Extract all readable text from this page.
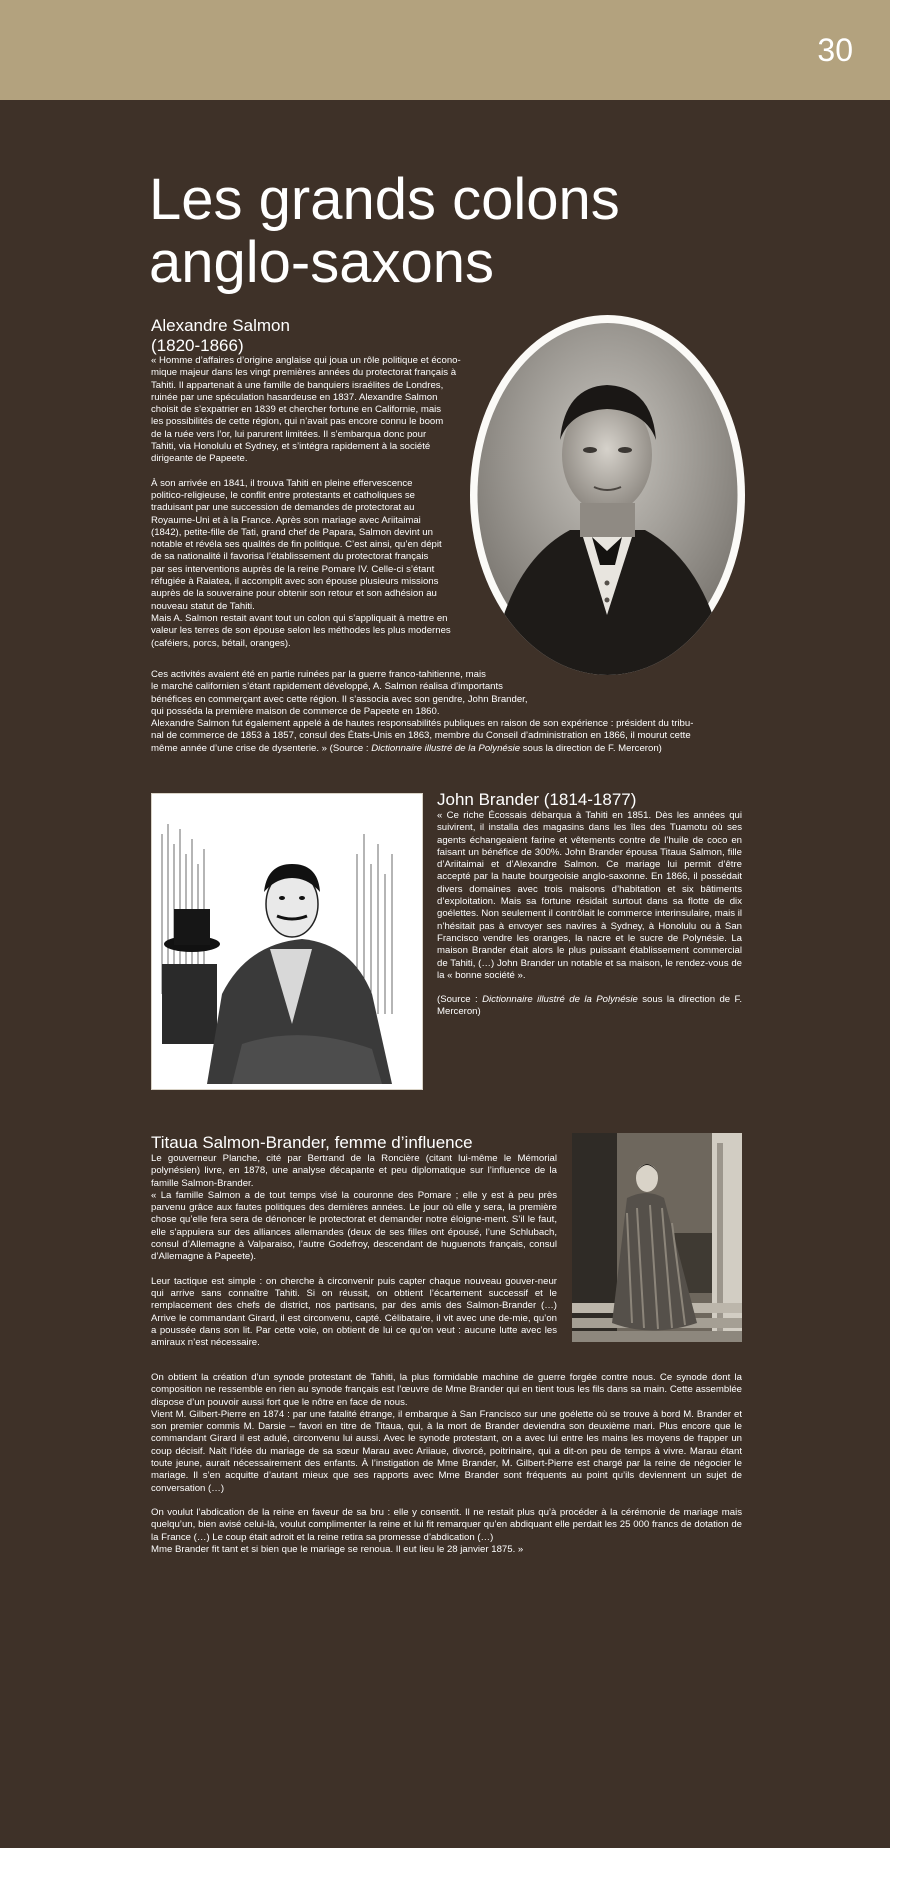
30
Les grands colons
anglo-saxons
Alexandre Salmon
(1820-1866)

« Homme d’affaires d’origine anglaise qui joua un rôle politique et écono-
mique majeur dans les vingt premières années du protectorat français à
Tahiti. Il appartenait à une famille de banquiers israélites de Londres,
ruinée par une spéculation hasardeuse en 1837. Alexandre Salmon
choisit de s’expatrier en 1839 et chercher fortune en Californie, mais
les possibilités de cette région, qui n’avait pas encore connu le boom
de la ruée vers l’or, lui parurent limitées. Il s’embarqua donc pour
Tahiti, via Honolulu et Sydney, et s’intégra rapidement à la société
dirigeante de Papeete.

À son arrivée en 1841, il trouva Tahiti en pleine effervescence
politico-religieuse, le conflit entre protestants et catholiques se
traduisant par une succession de demandes de protectorat au
Royaume-Uni et à la France. Après son mariage avec Ariitaimai
(1842), petite-fille de Tati, grand chef de Papara, Salmon devint un
notable et révéla ses qualités de fin politique. C’est ainsi, qu’en dépit
de sa nationalité il favorisa l’établissement du protectorat français
par ses interventions auprès de la reine Pomare IV. Celle-ci s’étant
réfugiée à Raiatea, il accomplit avec son épouse plusieurs missions
auprès de la souveraine pour obtenir son retour et son adhésion au
nouveau statut de Tahiti.
Mais A. Salmon restait avant tout un colon qui s’appliquait à mettre en
valeur les terres de son épouse selon les méthodes les plus modernes
(caféiers, porcs, bétail, oranges).

Ces activités avaient été en partie ruinées par la guerre franco-tahitienne, mais
le marché californien s’étant rapidement développé, A. Salmon réalisa d’importants
bénéfices en commerçant avec cette région. Il s’associa avec son gendre, John Brander,
qui posséda la première maison de commerce de Papeete en 1860.
Alexandre Salmon fut également appelé à de hautes responsabilités publiques en raison de son expérience : président du tribu-
nal de commerce de 1853 à 1857, consul des États-Unis en 1863, membre du Conseil d’administration en 1866, il mourut cette
même année d’une crise de dysenterie. » (Source : Dictionnaire illustré de la Polynésie sous la direction de F. Merceron)

John Brander (1814-1877)

« Ce riche Écossais débarqua à Tahiti en 1851. Dès les années qui suivirent, il installa des magasins dans les îles des Tuamotu où ses agents échangeaient farine et vêtements contre de l’huile de coco en faisant un bénéfice de 300%. John Brander épousa Titaua Salmon, fille d’Ariitaimai et d’Alexandre Salmon. Ce mariage lui permit d’être accepté par la haute bourgeoisie anglo-saxonne. En 1866, il possédait divers domaines avec trois maisons d’habitation et six bâtiments d’exploitation. Mais sa fortune résidait surtout dans sa flotte de dix goélettes. Non seulement il contrôlait le commerce interinsulaire, mais il n’hésitait pas à envoyer ses navires à Sydney, à Honolulu ou à San Francisco vendre les oranges, la nacre et le sucre de Polynésie. La maison Brander était alors le plus puissant établissement commercial de Tahiti, (…) John Brander un notable et sa maison, le rendez-vous de la « bonne société ».

(Source : Dictionnaire illustré de la Polynésie sous la direction de F. Merceron)

Titaua Salmon-Brander, femme d’influence

Le gouverneur Planche, cité par Bertrand de la Roncière (citant lui-même le Mémorial polynésien) livre, en 1878, une analyse décapante et peu diplomatique sur l’influence de la famille Salmon-Brander.
« La famille Salmon a de tout temps visé la couronne des Pomare ; elle y est à peu près parvenu grâce aux fautes politiques des dernières années. Le jour où elle y sera, la première chose qu’elle fera sera de dénoncer le protectorat et demander notre éloigne-ment. S’il le faut, elle s’appuiera sur des alliances allemandes (deux de ses filles ont épousé, l’une Schlubach, consul d’Allemagne à Valparaiso, l’autre Godefroy, descendant de huguenots français, consul d’Allemagne à Papeete).

Leur tactique est simple : on cherche à circonvenir puis capter chaque nouveau gouver-neur qui arrive sans connaître Tahiti. Si on réussit, on obtient l’écartement successif et le remplacement des chefs de district, nos partisans, par des amis des Salmon-Brander (…) Arrive le commandant Girard, il est circonvenu, capté. Célibataire, il vit avec une de-mie, qu’on a poussée dans son lit. Par cette voie, on obtient de lui ce qu’on veut : aucune lutte avec les amiraux n’est nécessaire.

On obtient la création d’un synode protestant de Tahiti, la plus formidable machine de guerre forgée contre nous. Ce synode dont la composition ne ressemble en rien au synode français est l’œuvre de Mme Brander qui en tient tous les fils dans sa main. Cette assemblée dispose d’un pouvoir aussi fort que le nôtre en face de nous.
Vient M. Gilbert-Pierre en 1874 : par une fatalité étrange, il embarque à San Francisco sur une goélette où se trouve à bord M. Brander et son premier commis M. Darsie – favori en titre de Titaua, qui, à la mort de Brander deviendra son deuxième mari. Plus encore que le commandant Girard il est adulé, circonvenu lui aussi. Avec le synode protestant, on a avec lui entre les mains les moyens de frapper un coup décisif. Naît l’idée du mariage de sa sœur Marau avec Ariiaue, divorcé, poitrinaire, qui a dit-on peu de temps à vivre. Marau étant toute jeune, aurait nécessairement des enfants. À l’instigation de Mme Brander, M. Gilbert-Pierre est chargé par la reine de négocier le mariage. Il s’en acquitte d’autant mieux que ses rapports avec Mme Brander sont fréquents au point qu’ils deviennent un sujet de conversation (…)

On voulut l’abdication de la reine en faveur de sa bru : elle y consentit. Il ne restait plus qu’à procéder à la cérémonie de mariage mais quelqu’un, bien avisé celui-là, voulut complimenter la reine et lui fit remarquer qu’en abdiquant elle perdait les 25 000 francs de dotation de la France (…) Le coup était adroit et la reine retira sa promesse d’abdication (…)
Mme Brander fit tant et si bien que le mariage se renoua. Il eut lieu le 28 janvier 1875. »
